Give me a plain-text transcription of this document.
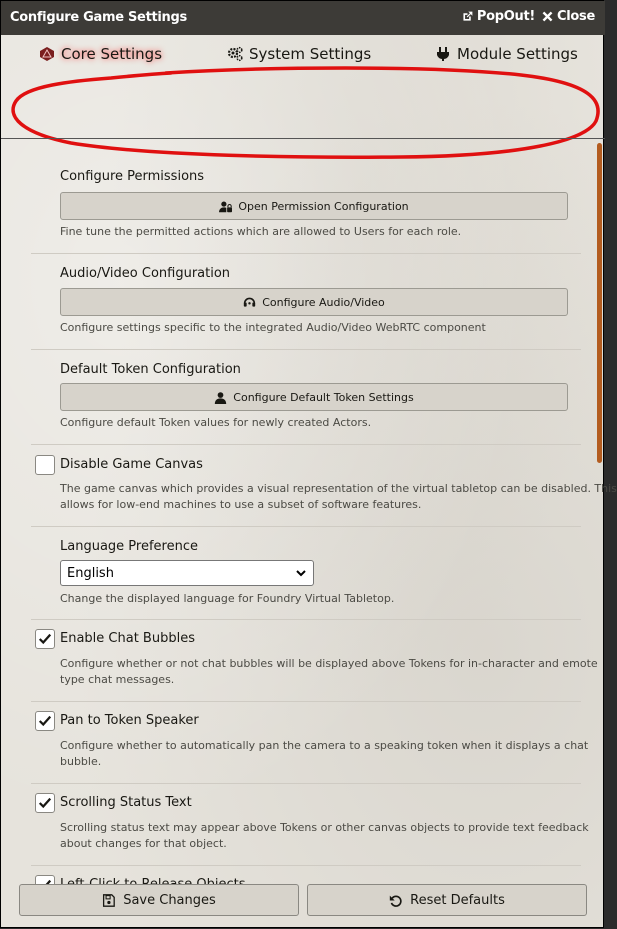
Configure Game Settings	PopOut! Close
Core Settings	System Settings	Module Settings
Configure Permissions
Open Permission Configuration
Fine tune the permitted actions which are allowed to Users for each role.
Audio/Video Configuration
Configure Audio/Video
Configure settings specific to the integrated Audio/Video WebRTC component
Default Token Configuration
Configure Default Token Settings
Configure default Token values for newly created Actors.
Disable Game Canvas
The game canvas which provides a visual representation of the virtual tabletop can be disabled. This
allows for low-end machines to use a subset of software features.
Language Preference
English
Change the displayed language for Foundry Virtual Tabletop.
Enable Chat Bubbles
Configure whether or not chat bubbles will be displayed above Tokens for in-character and emote
type chat messages.
Pan to Token Speaker
Configure whether to automatically pan the camera to a speaking token when it displays a chat
bubble.
Scrolling Status Text
Scrolling status text may appear above Tokens or other canvas objects to provide text feedback
about changes for that object.
Save Changes	Reset Defaults
